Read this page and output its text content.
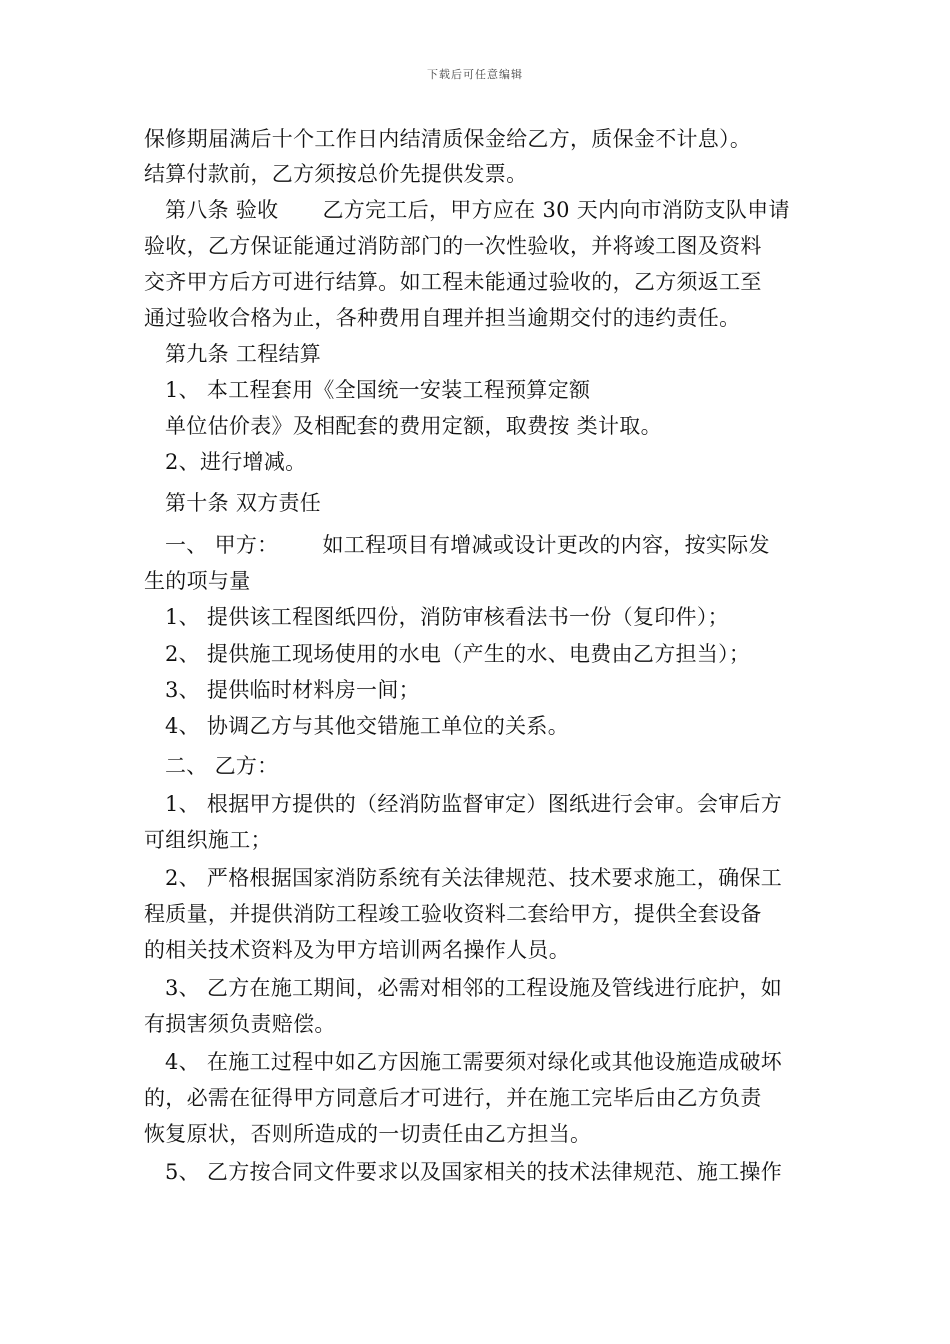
下载后可任意编辑
保修期届满后十个工作日内结清质保金给乙方，质保金不计息）。
结算付款前，乙方须按总价先提供发票。
第八条 验收 乙方完工后，甲方应在 30 天内向市消防支队申请
验收，乙方保证能通过消防部门的一次性验收，并将竣工图及资料
交齐甲方后方可进行结算。如工程未能通过验收的，乙方须返工至
通过验收合格为止，各种费用自理并担当逾期交付的违约责任。
第九条 工程结算
1、 本工程套用《全国统一安装工程预算定额
单位估价表》及相配套的费用定额，取费按 类计取。
2、进行增减。
第十条 双方责任
一、 甲方： 如工程项目有增减或设计更改的内容，按实际发
生的项与量
1、 提供该工程图纸四份，消防审核看法书一份（复印件）；
2、 提供施工现场使用的水电（产生的水、电费由乙方担当）；
3、 提供临时材料房一间；
4、 协调乙方与其他交错施工单位的关系。
二、 乙方：
1、 根据甲方提供的（经消防监督审定）图纸进行会审。会审后方
可组织施工；
2、 严格根据国家消防系统有关法律规范、技术要求施工，确保工
程质量，并提供消防工程竣工验收资料二套给甲方，提供全套设备
的相关技术资料及为甲方培训两名操作人员。
3、 乙方在施工期间，必需对相邻的工程设施及管线进行庇护，如
有损害须负责赔偿。
4、 在施工过程中如乙方因施工需要须对绿化或其他设施造成破坏
的，必需在征得甲方同意后才可进行，并在施工完毕后由乙方负责
恢复原状，否则所造成的一切责任由乙方担当。
5、 乙方按合同文件要求以及国家相关的技术法律规范、施工操作
